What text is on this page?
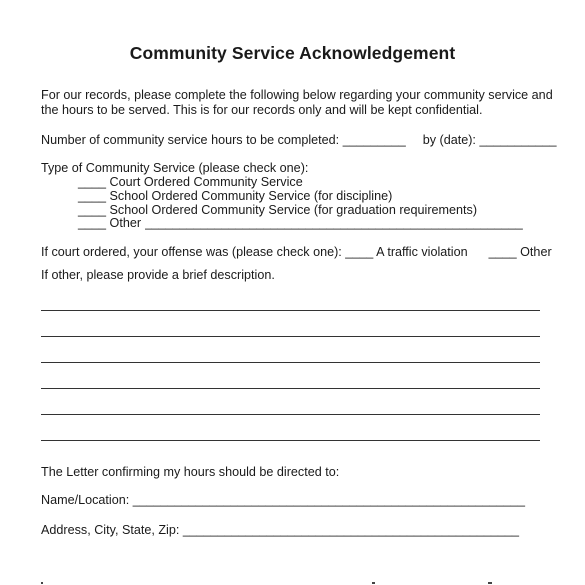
Community Service Acknowledgement
For our records, please complete the following below regarding your community service and
the hours to be served. This is for our records only and will be kept confidential.
Number of community service hours to be completed: _________ by (date): ___________
Type of Community Service (please check one):
____ Court Ordered Community Service
____ School Ordered Community Service (for discipline)
____ School Ordered Community Service (for graduation requirements)
____ Other ______________________________________________________
If court ordered, your offense was (please check one): ____ A traffic violation ____ Other
If other, please provide a brief description.
The Letter confirming my hours should be directed to:
Name/Location: ________________________________________________________
Address, City, State, Zip: ________________________________________________
